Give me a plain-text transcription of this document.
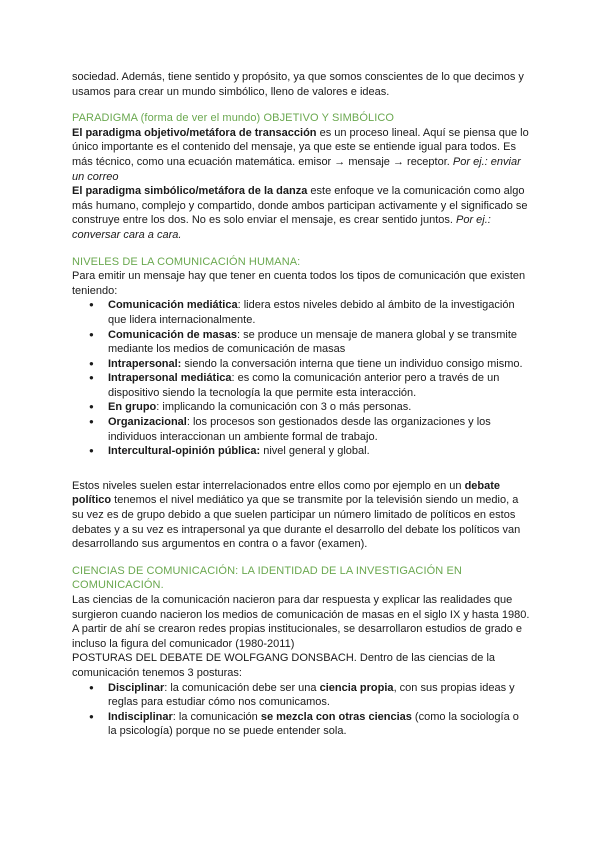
sociedad. Además, tiene sentido y propósito, ya que somos conscientes de lo que decimos y usamos para crear un mundo simbólico, lleno de valores e ideas.

PARADIGMA (forma de ver el mundo) OBJETIVO Y SIMBÓLICO

El paradigma objetivo/metáfora de transacción es un proceso lineal. Aquí se piensa que lo único importante es el contenido del mensaje, ya que este se entiende igual para todos. Es más técnico, como una ecuación matemática. emisor → mensaje → receptor. Por ej.: enviar un correo

El paradigma simbólico/metáfora de la danza este enfoque ve la comunicación como algo más humano, complejo y compartido, donde ambos participan activamente y el significado se construye entre los dos. No es solo enviar el mensaje, es crear sentido juntos. Por ej.: conversar cara a cara.

NIVELES DE LA COMUNICACIÓN HUMANA:

Para emitir un mensaje hay que tener en cuenta todos los tipos de comunicación que existen teniendo:

● Comunicación mediática: lidera estos niveles debido al ámbito de la investigación que lidera internacionalmente.
● Comunicación de masas: se produce un mensaje de manera global y se transmite mediante los medios de comunicación de masas
● Intrapersonal: siendo la conversación interna que tiene un individuo consigo mismo.
● Intrapersonal mediática: es como la comunicación anterior pero a través de un dispositivo siendo la tecnología la que permite esta interacción.
● En grupo: implicando la comunicación con 3 o más personas.
● Organizacional: los procesos son gestionados desde las organizaciones y los individuos interaccionan un ambiente formal de trabajo.
● Intercultural-opinión pública: nivel general y global.

Estos niveles suelen estar interrelacionados entre ellos como por ejemplo en un debate político tenemos el nivel mediático ya que se transmite por la televisión siendo un medio, a su vez es de grupo debido a que suelen participar un número limitado de políticos en estos debates y a su vez es intrapersonal ya que durante el desarrollo del debate los políticos van desarrollando sus argumentos en contra o a favor (examen).

CIENCIAS DE COMUNICACIÓN: LA IDENTIDAD DE LA INVESTIGACIÓN EN COMUNICACIÓN.

Las ciencias de la comunicación nacieron para dar respuesta y explicar las realidades que surgieron cuando nacieron los medios de comunicación de masas en el siglo IX y hasta 1980. A partir de ahí se crearon redes propias institucionales, se desarrollaron estudios de grado e incluso la figura del comunicador (1980-2011)

POSTURAS DEL DEBATE DE WOLFGANG DONSBACH. Dentro de las ciencias de la comunicación tenemos 3 posturas:

● Disciplinar: la comunicación debe ser una ciencia propia, con sus propias ideas y reglas para estudiar cómo nos comunicamos.
● Indisciplinar: la comunicación se mezcla con otras ciencias (como la sociología o la psicología) porque no se puede entender sola.
